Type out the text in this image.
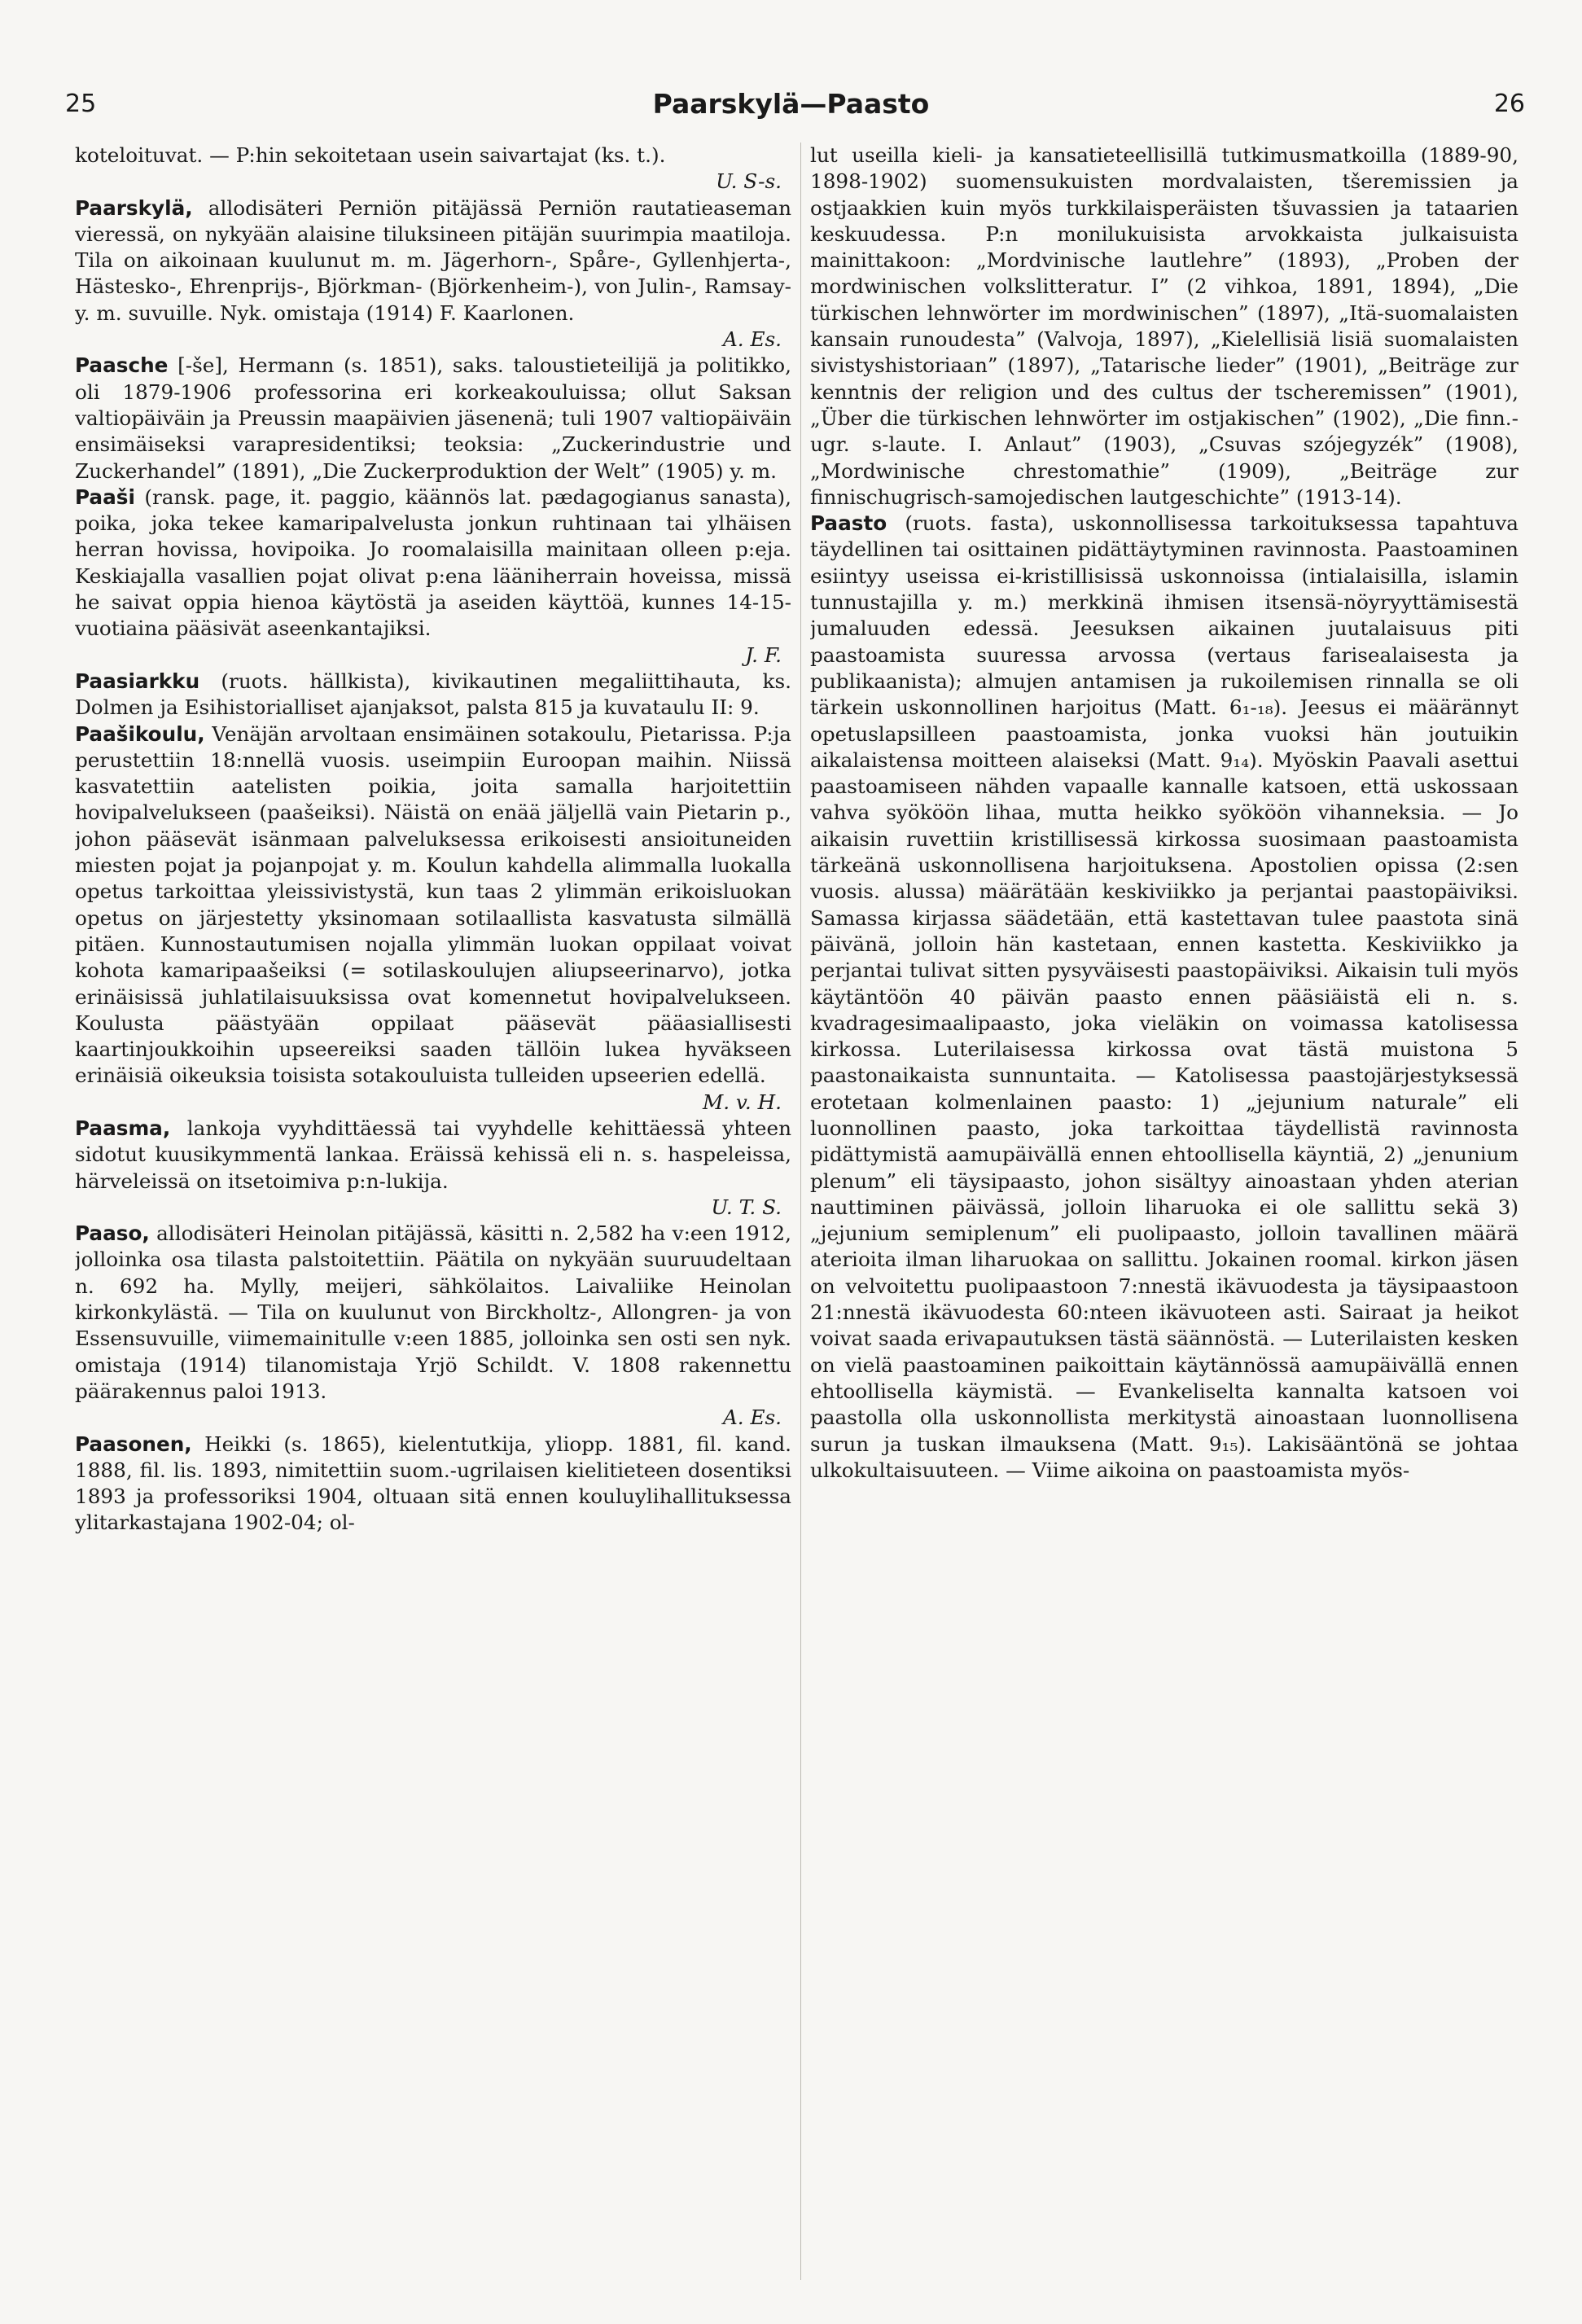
25	Paarskylä—Paasto	26

koteloituvat. — P:hin sekoitetaan usein saivartajat (ks. t.).
U. S-s.

Paarskylä, allodisäteri Perniön pitäjässä Perniön rautatieaseman vieressä, on nykyään alaisine tiluksineen pitäjän suurimpia maatiloja. Tila on aikoinaan kuulunut m. m. Jägerhorn-, Spåre-, Gyllenhjerta-, Hästesko-, Ehrenprijs-, Björkman- (Björkenheim-), von Julin-, Ramsay- y. m. suvuille. Nyk. omistaja (1914) F. Kaarlonen.
A. Es.

Paasche [-še], Hermann (s. 1851), saks. taloustieteilijä ja politikko, oli 1879-1906 professorina eri korkeakouluissa; ollut Saksan valtiopäiväin ja Preussin maapäivien jäsenenä; tuli 1907 valtiopäiväin ensimäiseksi varapresidentiksi; teoksia: „Zuckerindustrie und Zuckerhandel” (1891), „Die Zuckerproduktion der Welt” (1905) y. m.

Paaši (ransk. page, it. paggio, käännös lat. pædagogianus sanasta), poika, joka tekee kamaripalvelusta jonkun ruhtinaan tai ylhäisen herran hovissa, hovipoika. Jo roomalaisilla mainitaan olleen p:eja. Keskiajalla vasallien pojat olivat p:ena lääniherrain hoveissa, missä he saivat oppia hienoa käytöstä ja aseiden käyttöä, kunnes 14-15-vuotiaina pääsivät aseenkantajiksi.
J. F.

Paasiarkku (ruots. hällkista), kivikautinen megaliittihauta, ks. Dolmen ja Esihistorialliset ajanjaksot, palsta 815 ja kuvataulu II: 9.

Paašikoulu, Venäjän arvoltaan ensimäinen sotakoulu, Pietarissa. P:ja perustettiin 18:nnellä vuosis. useimpiin Euroopan maihin. Niissä kasvatettiin aatelisten poikia, joita samalla harjoitettiin hovipalvelukseen (paašeiksi). Näistä on enää jäljellä vain Pietarin p., johon pääsevät isänmaan palveluksessa erikoisesti ansioituneiden miesten pojat ja pojanpojat y. m. Koulun kahdella alimmalla luokalla opetus tarkoittaa yleissivistystä, kun taas 2 ylimmän erikoisluokan opetus on järjestetty yksinomaan sotilaallista kasvatusta silmällä pitäen. Kunnostautumisen nojalla ylimmän luokan oppilaat voivat kohota kamaripaašeiksi (= sotilaskoulujen aliupseerinarvo), jotka erinäisissä juhlatilaisuuksissa ovat komennetut hovipalvelukseen. Koulusta päästyään oppilaat pääsevät pääasiallisesti kaartinjoukkoihin upseereiksi saaden tällöin lukea hyväkseen erinäisiä oikeuksia toisista sotakouluista tulleiden upseerien edellä.
M. v. H.

Paasma, lankoja vyyhdittäessä tai vyyhdelle kehittäessä yhteen sidotut kuusikymmentä lankaa. Eräissä kehissä eli n. s. haspeleissa, härveleissä on itsetoimiva p:n-lukija.
U. T. S.

Paaso, allodisäteri Heinolan pitäjässä, käsitti n. 2,582 ha v:een 1912, jolloinka osa tilasta palstoitettiin. Päätila on nykyään suuruudeltaan n. 692 ha. Mylly, meijeri, sähkölaitos. Laivaliike Heinolan kirkonkylästä. — Tila on kuulunut von Birckholtz-, Allongren- ja von Essensuvuille, viimemainitulle v:een 1885, jolloinka sen osti sen nyk. omistaja (1914) tilanomistaja Yrjö Schildt. V. 1808 rakennettu päärakennus paloi 1913.
A. Es.

Paasonen, Heikki (s. 1865), kielentutkija, yliopp. 1881, fil. kand. 1888, fil. lis. 1893, nimitettiin suom.-ugrilaisen kielitieteen dosentiksi 1893 ja professoriksi 1904, oltuaan sitä ennen kouluylihallituksessa ylitarkastajana 1902-04; ol-

lut useilla kieli- ja kansatieteellisillä tutkimusmatkoilla (1889-90, 1898-1902) suomensukuisten mordvalaisten, tšeremissien ja ostjaakkien kuin myös turkkilaisperäisten tšuvassien ja tataarien keskuudessa. P:n monilukuisista arvokkaista julkaisuista mainittakoon: „Mordvinische lautlehre” (1893), „Proben der mordwinischen volkslitteratur. I” (2 vihkoa, 1891, 1894), „Die türkischen lehnwörter im mordwinischen” (1897), „Itä-suomalaisten kansain runoudesta” (Valvoja, 1897), „Kielellisiä lisiä suomalaisten sivistyshistoriaan” (1897), „Tatarische lieder” (1901), „Beiträge zur kenntnis der religion und des cultus der tscheremissen” (1901), „Über die türkischen lehnwörter im ostjakischen” (1902), „Die finn.-ugr. s-laute. I. Anlaut” (1903), „Csuvas szójegyzék” (1908), „Mordwinische chrestomathie” (1909), „Beiträge zur finnischugrisch-samojedischen lautgeschichte” (1913-14).

Paasto (ruots. fasta), uskonnollisessa tarkoituksessa tapahtuva täydellinen tai osittainen pidättäytyminen ravinnosta. Paastoaminen esiintyy useissa ei-kristillisissä uskonnoissa (intialaisilla, islamin tunnustajilla y. m.) merkkinä ihmisen itsensä-nöyryyttämisestä jumaluuden edessä. Jeesuksen aikainen juutalaisuus piti paastoamista suuressa arvossa (vertaus farisealaisesta ja publikaanista); almujen antamisen ja rukoilemisen rinnalla se oli tärkein uskonnollinen harjoitus (Matt. 6₁-₁₈). Jeesus ei määrännyt opetuslapsilleen paastoamista, jonka vuoksi hän joutuikin aikalaistensa moitteen alaiseksi (Matt. 9₁₄). Myöskin Paavali asettui paastoamiseen nähden vapaalle kannalle katsoen, että uskossaan vahva syököön lihaa, mutta heikko syököön vihanneksia. — Jo aikaisin ruvettiin kristillisessä kirkossa suosimaan paastoamista tärkeänä uskonnollisena harjoituksena. Apostolien opissa (2:sen vuosis. alussa) määrätään keskiviikko ja perjantai paastopäiviksi. Samassa kirjassa säädetään, että kastettavan tulee paastota sinä päivänä, jolloin hän kastetaan, ennen kastetta. Keskiviikko ja perjantai tulivat sitten pysyväisesti paastopäiviksi. Aikaisin tuli myös käytäntöön 40 päivän paasto ennen pääsiäistä eli n. s. kvadragesimaalipaasto, joka vieläkin on voimassa katolisessa kirkossa. Luterilaisessa kirkossa ovat tästä muistona 5 paastonaikaista sunnuntaita. — Katolisessa paastojärjestyksessä erotetaan kolmenlainen paasto: 1) „jejunium naturale” eli luonnollinen paasto, joka tarkoittaa täydellistä ravinnosta pidättymistä aamupäivällä ennen ehtoollisella käyntiä, 2) „jenunium plenum” eli täysipaasto, johon sisältyy ainoastaan yhden aterian nauttiminen päivässä, jolloin liharuoka ei ole sallittu sekä 3) „jejunium semiplenum” eli puolipaasto, jolloin tavallinen määrä aterioita ilman liharuokaa on sallittu. Jokainen roomal. kirkon jäsen on velvoitettu puolipaastoon 7:nnestä ikävuodesta ja täysipaastoon 21:nnestä ikävuodesta 60:nteen ikävuoteen asti. Sairaat ja heikot voivat saada erivapautuksen tästä säännöstä. — Luterilaisten kesken on vielä paastoaminen paikoittain käytännössä aamupäivällä ennen ehtoollisella käymistä. — Evankeliselta kannalta katsoen voi paastolla olla uskonnollista merkitystä ainoastaan luonnollisena surun ja tuskan ilmauksena (Matt. 9₁₅). Lakisääntönä se johtaa ulkokultaisuuteen. — Viime aikoina on paastoamista myös-
